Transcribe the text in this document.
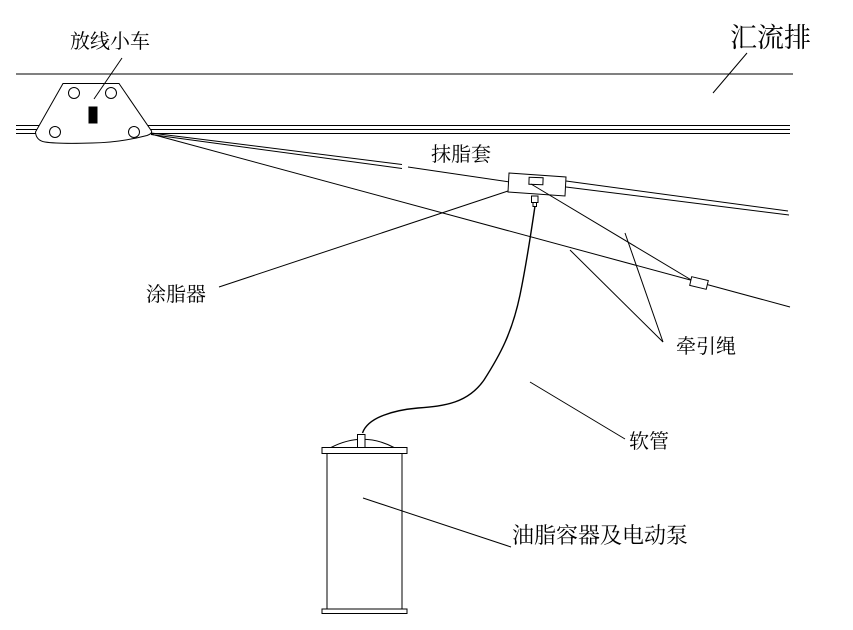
放线小车	汇流排
抹脂套
涂脂器
牵引绳
软管
油脂容器及电动泵
